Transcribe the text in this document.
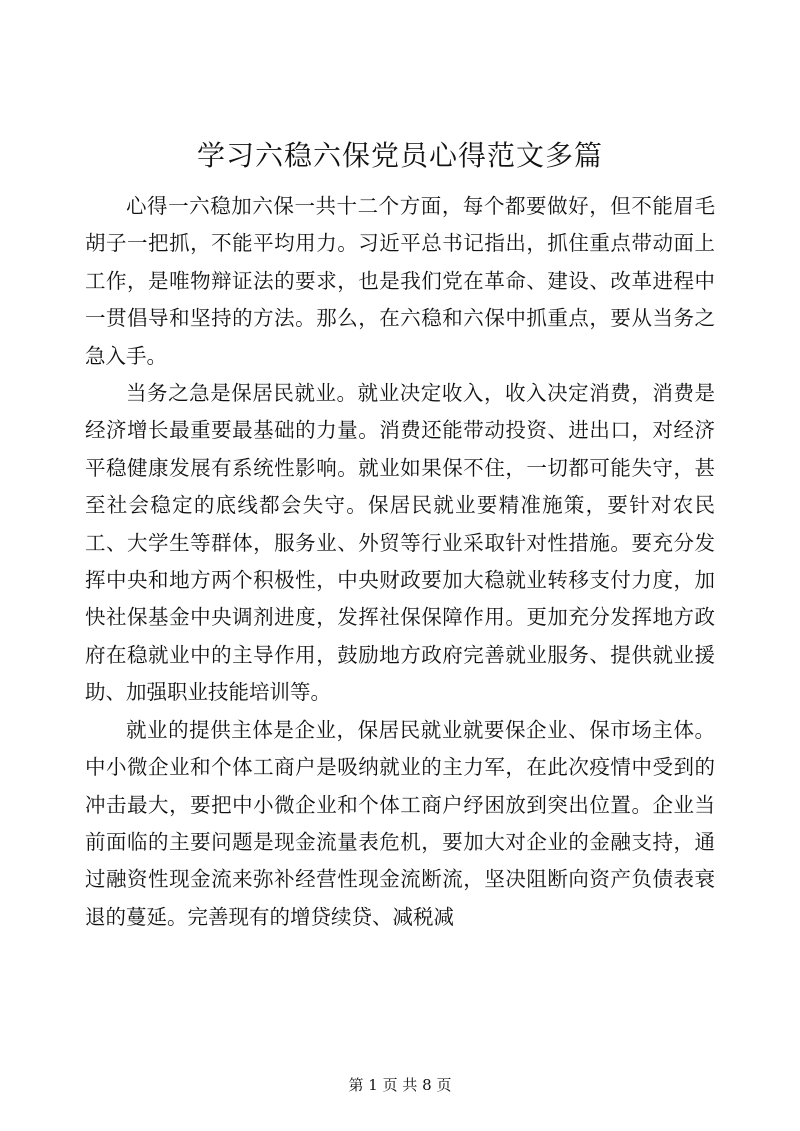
学习六稳六保党员心得范文多篇

心得一六稳加六保一共十二个方面，每个都要做好，但不能眉毛胡子一把抓，不能平均用力。习近平总书记指出，抓住重点带动面上工作，是唯物辩证法的要求，也是我们党在革命、建设、改革进程中一贯倡导和坚持的方法。那么，在六稳和六保中抓重点，要从当务之急入手。

当务之急是保居民就业。就业决定收入，收入决定消费，消费是经济增长最重要最基础的力量。消费还能带动投资、进出口，对经济平稳健康发展有系统性影响。就业如果保不住，一切都可能失守，甚至社会稳定的底线都会失守。保居民就业要精准施策，要针对农民工、大学生等群体，服务业、外贸等行业采取针对性措施。要充分发挥中央和地方两个积极性，中央财政要加大稳就业转移支付力度，加快社保基金中央调剂进度，发挥社保保障作用。更加充分发挥地方政府在稳就业中的主导作用，鼓励地方政府完善就业服务、提供就业援助、加强职业技能培训等。

就业的提供主体是企业，保居民就业就要保企业、保市场主体。中小微企业和个体工商户是吸纳就业的主力军，在此次疫情中受到的冲击最大，要把中小微企业和个体工商户纾困放到突出位置。企业当前面临的主要问题是现金流量表危机，要加大对企业的金融支持，通过融资性现金流来弥补经营性现金流断流，坚决阻断向资产负债表衰退的蔓延。完善现有的增贷续贷、减税减

第 1 页 共 8 页
